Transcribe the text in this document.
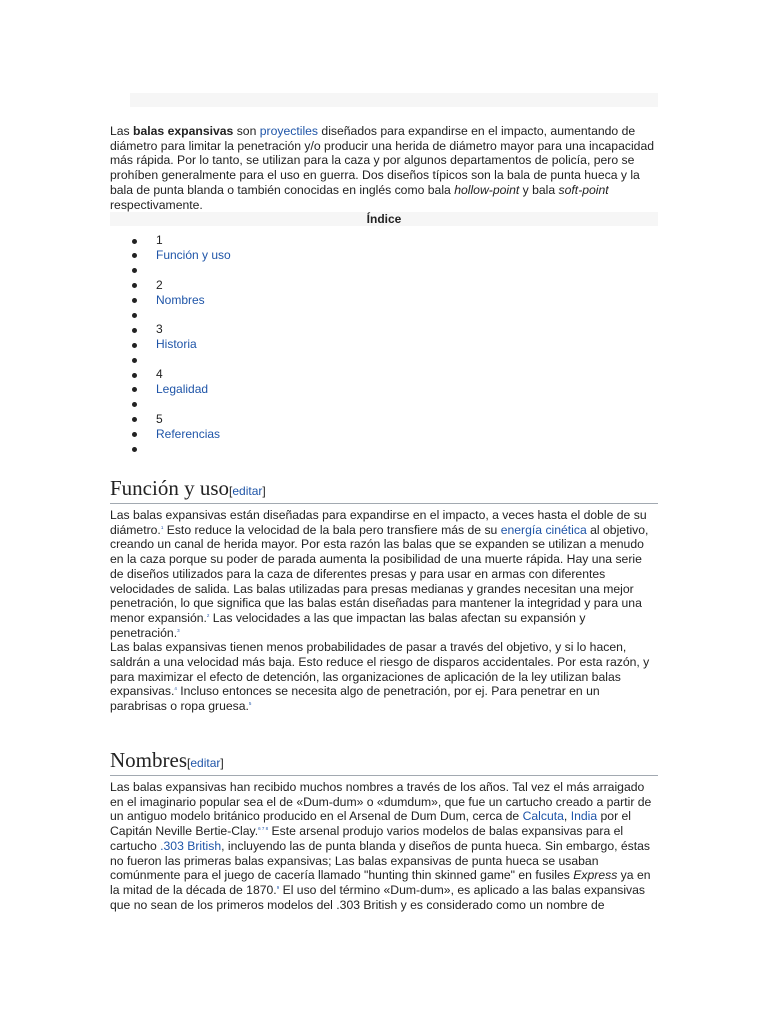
Las balas expansivas son proyectiles diseñados para expandirse en el impacto, aumentando de diámetro para limitar la penetración y/o producir una herida de diámetro mayor para una incapacidad más rápida. Por lo tanto, se utilizan para la caza y por algunos departamentos de policía, pero se prohíben generalmente para el uso en guerra. Dos diseños típicos son la bala de punta hueca y la bala de punta blanda o también conocidas en inglés como bala hollow-point y bala soft-point respectivamente.

Índice
1
Función y uso
2
Nombres
3
Historia
4
Legalidad
5
Referencias
Función y uso[editar]

Las balas expansivas están diseñadas para expandirse en el impacto, a veces hasta el doble de su diámetro.$^1$ Esto reduce la velocidad de la bala pero transfiere más de su energía cinética al objetivo, creando un canal de herida mayor. Por esta razón las balas que se expanden se utilizan a menudo en la caza porque su poder de parada aumenta la posibilidad de una muerte rápida. Hay una serie de diseños utilizados para la caza de diferentes presas y para usar en armas con diferentes velocidades de salida. Las balas utilizadas para presas medianas y grandes necesitan una mejor penetración, lo que significa que las balas están diseñadas para mantener la integridad y para una menor expansión.$^2$ Las velocidades a las que impactan las balas afectan su expansión y penetración.$^3$

Las balas expansivas tienen menos probabilidades de pasar a través del objetivo, y si lo hacen, saldrán a una velocidad más baja. Esto reduce el riesgo de disparos accidentales. Por esta razón, y para maximizar el efecto de detención, las organizaciones de aplicación de la ley utilizan balas expansivas.$^4$ Incluso entonces se necesita algo de penetración, por ej. Para penetrar en un parabrisas o ropa gruesa.$^5$

Nombres[editar]

Las balas expansivas han recibido muchos nombres a través de los años. Tal vez el más arraigado en el imaginario popular sea el de «Dum-dum» o «dumdum», que fue un cartucho creado a partir de un antiguo modelo británico producido en el Arsenal de Dum Dum, cerca de Calcuta, India por el Capitán Neville Bertie-Clay.$^{6 7 8}$ Este arsenal produjo varios modelos de balas expansivas para el cartucho .303 British, incluyendo las de punta blanda y diseños de punta hueca. Sin embargo, éstas no fueron las primeras balas expansivas; Las balas expansivas de punta hueca se usaban comúnmente para el juego de cacería llamado "hunting thin skinned game" en fusiles Express ya en la mitad de la década de 1870.$^9$ El uso del término «Dum-dum», es aplicado a las balas expansivas que no sean de los primeros modelos del .303 British y es considerado como un nombre de
